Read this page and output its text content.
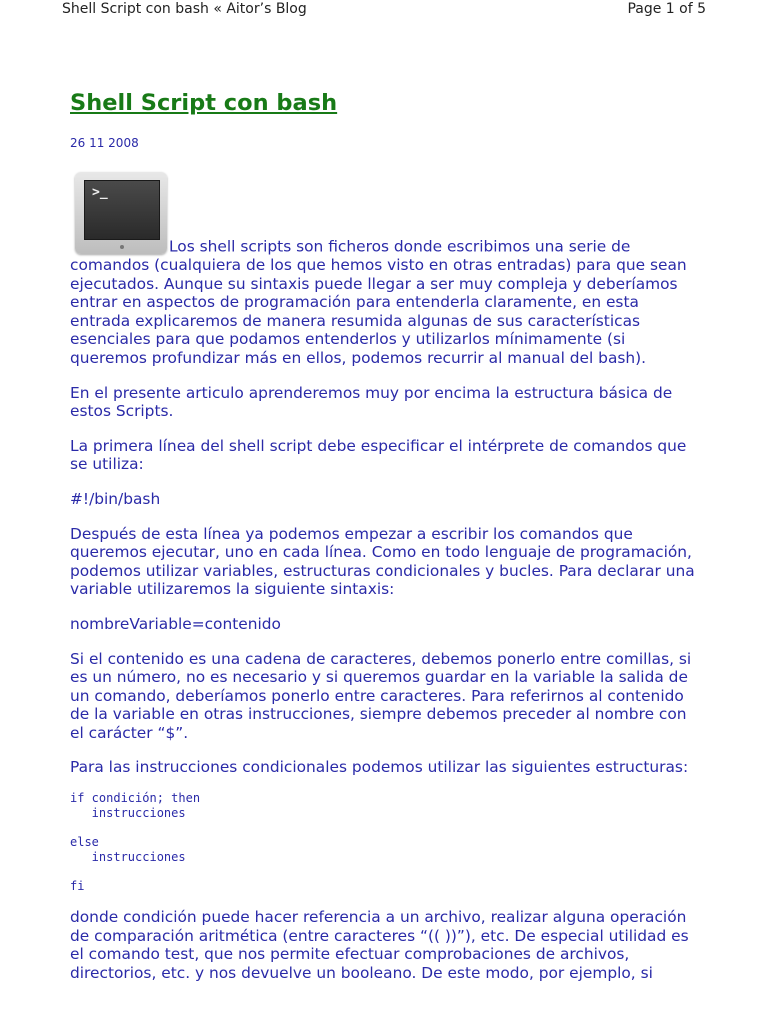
Shell Script con bash « Aitor’s Blog	Page 1 of 5
Shell Script con bash
26 11 2008

>_
Los shell scripts son ficheros donde escribimos una serie de comandos (cualquiera de los que hemos visto en otras entradas) para que sean ejecutados. Aunque su sintaxis puede llegar a ser muy compleja y deberíamos entrar en aspectos de programación para entenderla claramente, en esta entrada explicaremos de manera resumida algunas de sus características esenciales para que podamos entenderlos y utilizarlos mínimamente (si queremos profundizar más en ellos, podemos recurrir al manual del bash).

En el presente articulo aprenderemos muy por encima la estructura básica de estos Scripts.

La primera línea del shell script debe especificar el intérprete de comandos que se utiliza:

#!/bin/bash

Después de esta línea ya podemos empezar a escribir los comandos que queremos ejecutar, uno en cada línea. Como en todo lenguaje de programación, podemos utilizar variables, estructuras condicionales y bucles. Para declarar una variable utilizaremos la siguiente sintaxis:

nombreVariable=contenido

Si el contenido es una cadena de caracteres, debemos ponerlo entre comillas, si es un número, no es necesario y si queremos guardar en la variable la salida de un comando, deberíamos ponerlo entre caracteres. Para referirnos al contenido de la variable en otras instrucciones, siempre debemos preceder al nombre con el carácter “$”.

Para las instrucciones condicionales podemos utilizar las siguientes estructuras:

if condición; then
instrucciones
else
instrucciones
fi

donde condición puede hacer referencia a un archivo, realizar alguna operación de comparación aritmética (entre caracteres “(( ))”), etc. De especial utilidad es el comando test, que nos permite efectuar comprobaciones de archivos, directorios, etc. y nos devuelve un booleano. De este modo, por ejemplo, si
